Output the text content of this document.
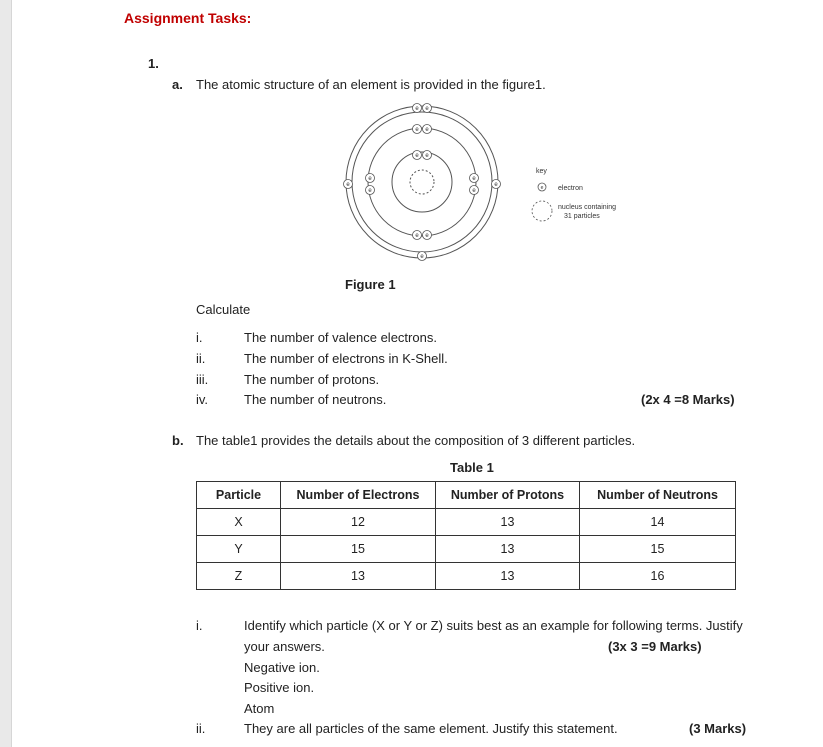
Assignment Tasks:
1.
a. The atomic structure of an element is provided in the figure1.
e e
e e
e e
e
e
e
e
e
e
e e
e
key
e electron
nucleus containing
31 particles
Figure 1
Calculate
i.	The number of valence electrons.
ii.	The number of electrons in K-Shell.
iii.	The number of protons.
iv.	The number of neutrons.	(2x 4 =8 Marks)
b. The table1 provides the details about the composition of 3 different particles.
Table 1
Particle	Number of Electrons	Number of Protons	Number of Neutrons
X	12	13	14
Y	15	13	15
Z	13	13	16
i.	Identify which particle (X or Y or Z) suits best as an example for following terms. Justify
your answers.	(3x 3 =9 Marks)
Negative ion.
Positive ion.
Atom
ii.	They are all particles of the same element. Justify this statement.	(3 Marks)
